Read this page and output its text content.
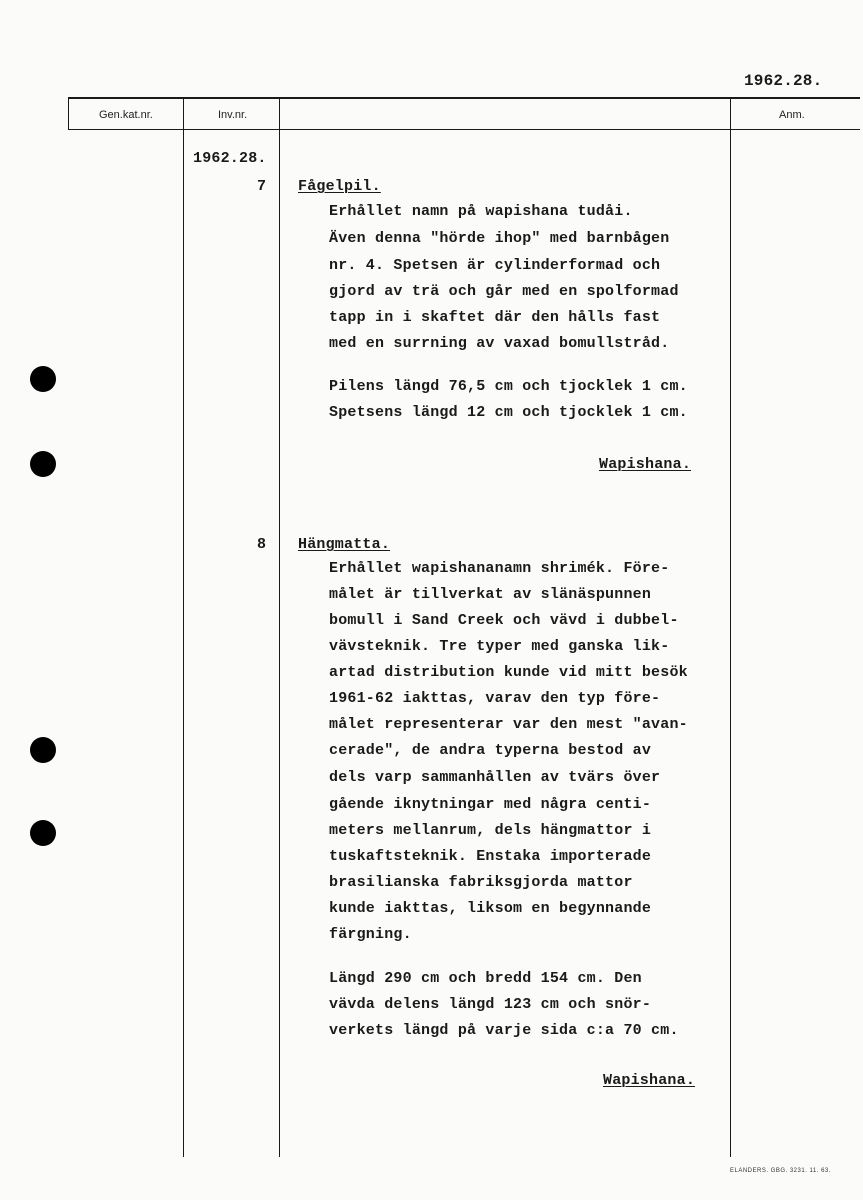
1962.28.
Gen.kat.nr.	Inv.nr.	Anm.
1962.28.
7 Fågelpil.
Erhållet namn på wapishana tudåi.
Även denna "hörde ihop" med barnbågen
nr. 4. Spetsen är cylinderformad och
gjord av trä och går med en spolformad
tapp in i skaftet där den hålls fast
med en surrning av vaxad bomullstråd.
Pilens längd 76,5 cm och tjocklek 1 cm.
Spetsens längd 12 cm och tjocklek 1 cm.
Wapishana.
8 Hängmatta.
Erhållet wapishananamn shrimék. Före-
målet är tillverkat av slänäspunnen
bomull i Sand Creek och vävd i dubbel-
vävsteknik. Tre typer med ganska lik-
artad distribution kunde vid mitt besök
1961-62 iakttas, varav den typ före-
målet representerar var den mest "avan-
cerade", de andra typerna bestod av
dels varp sammanhållen av tvärs över
gående iknytningar med några centi-
meters mellanrum, dels hängmattor i
tuskaftsteknik. Enstaka importerade
brasilianska fabriksgjorda mattor
kunde iakttas, liksom en begynnande
färgning.
Längd 290 cm och bredd 154 cm. Den
vävda delens längd 123 cm och snör-
verkets längd på varje sida c:a 70 cm.
Wapishana.
ELANDERS. GBG. 3231. 11. 63.
